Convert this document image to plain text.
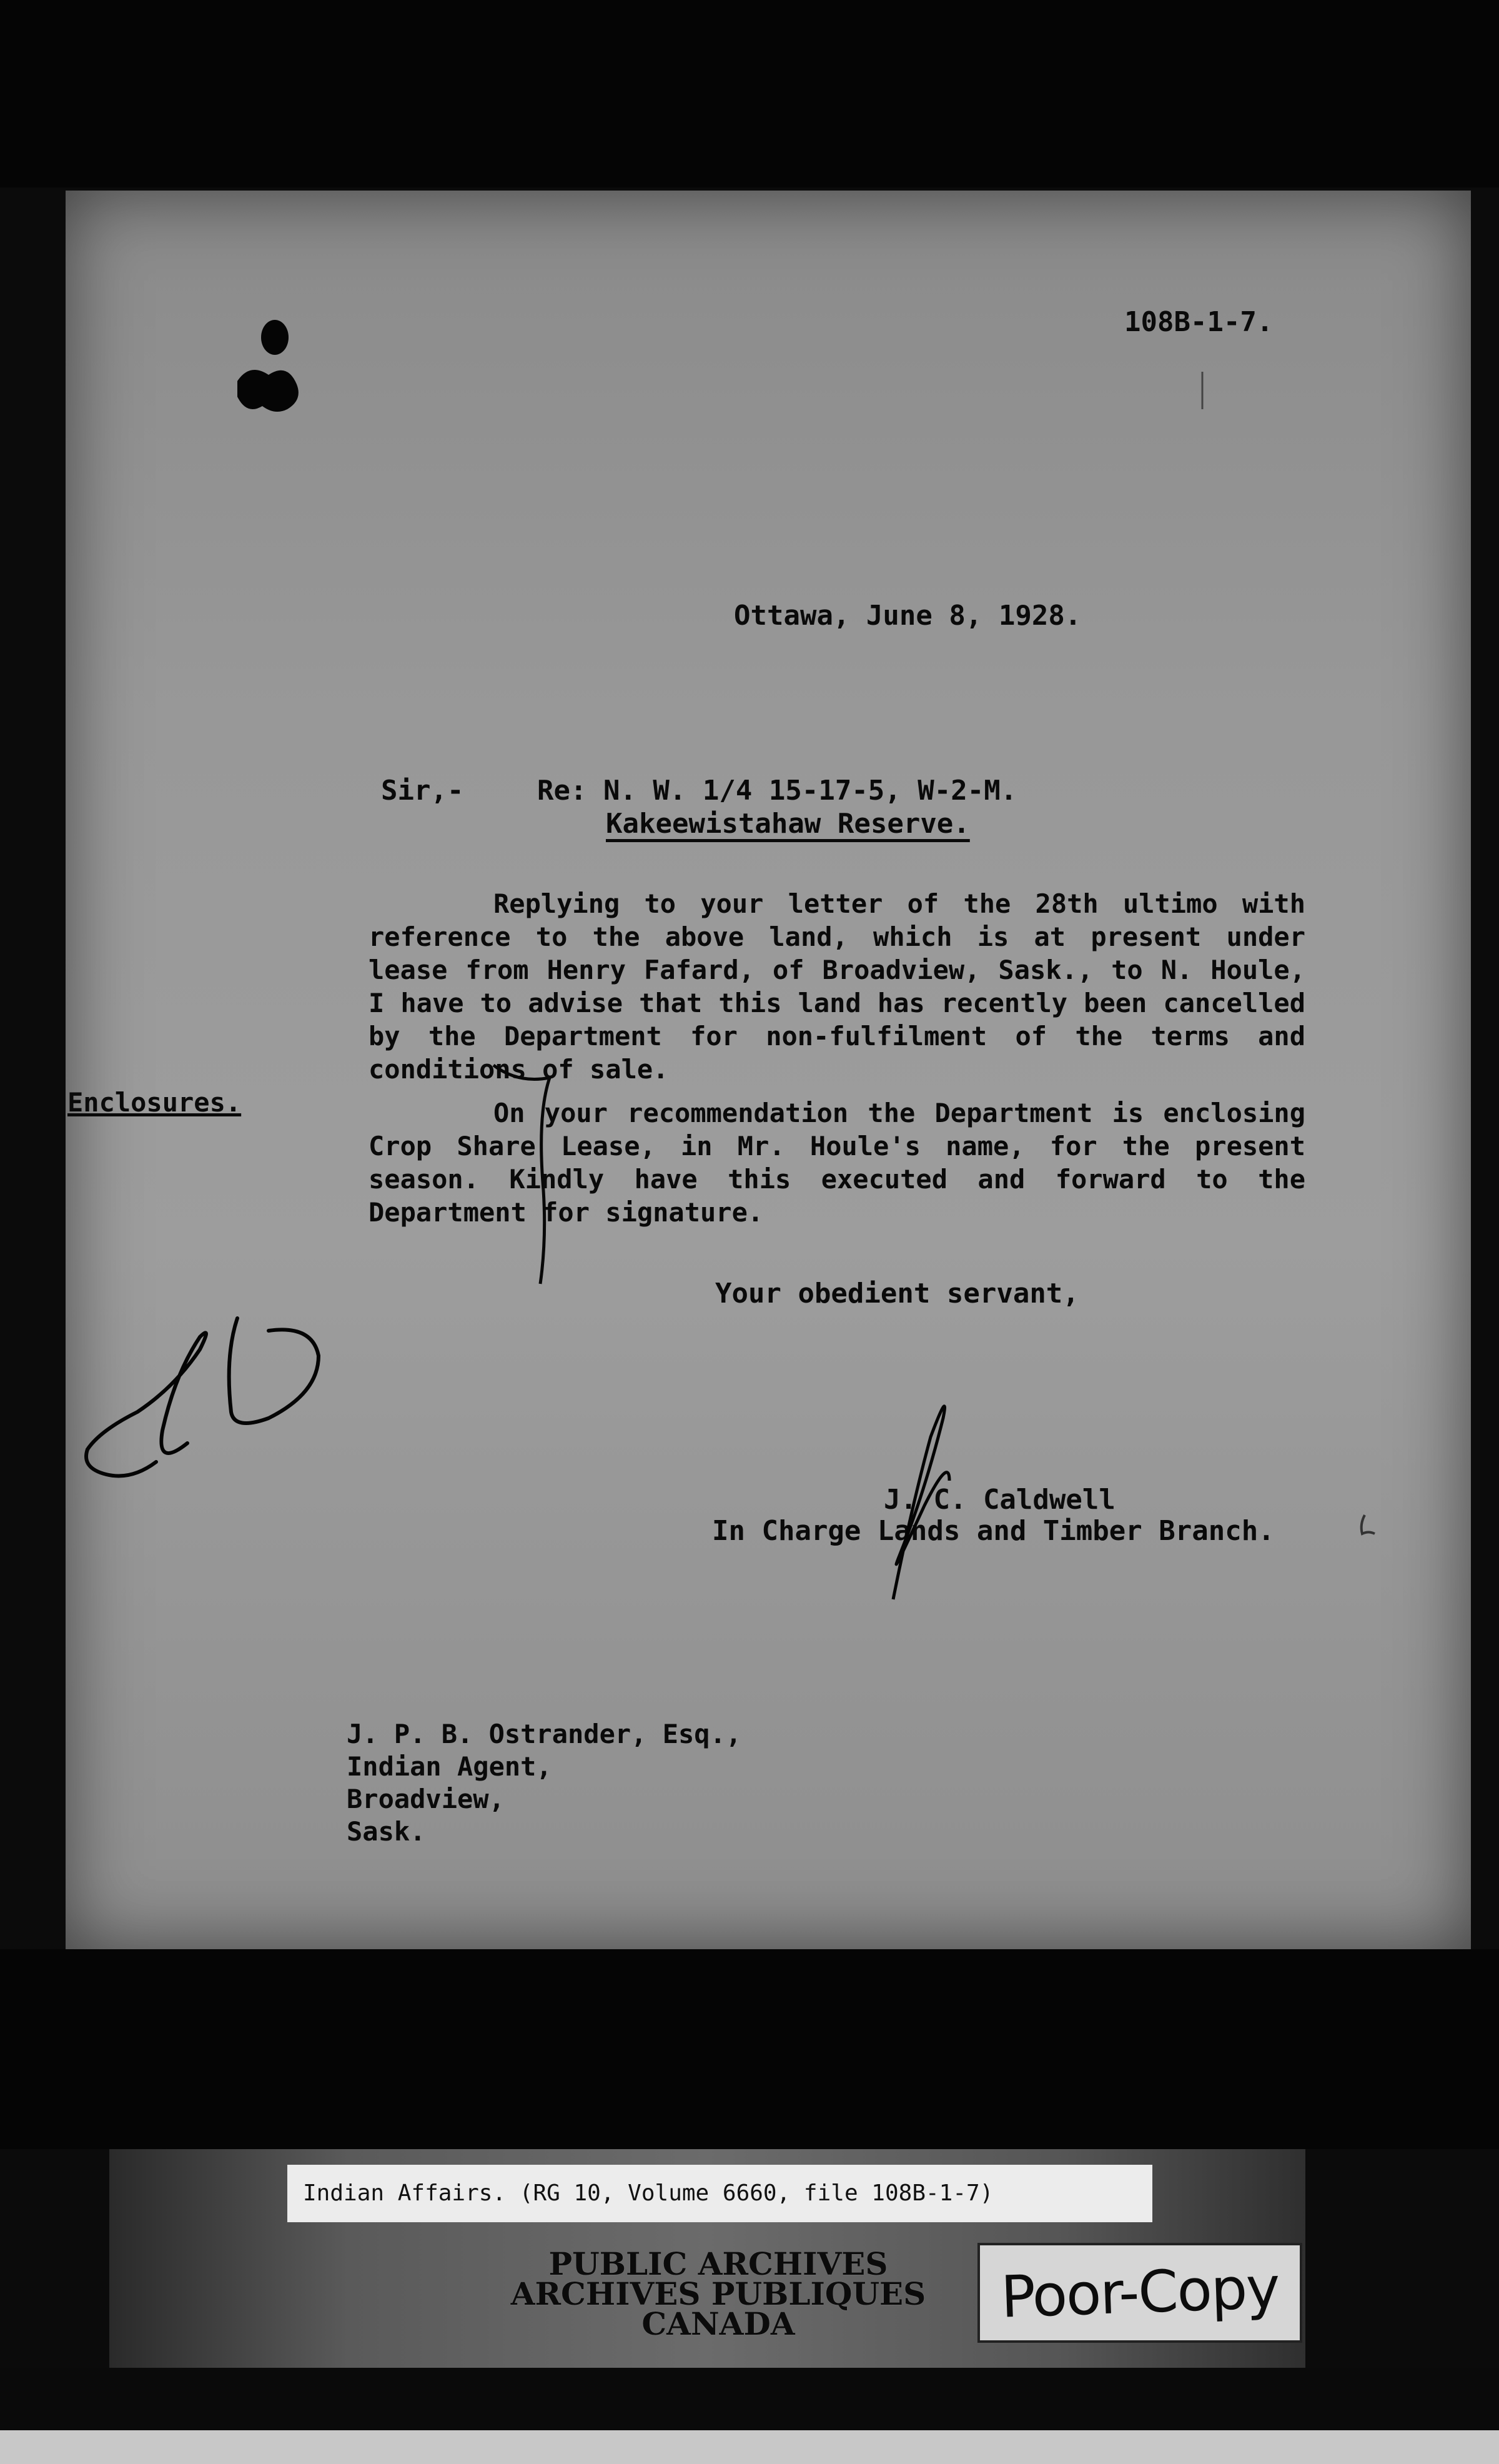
108B-1-7.
Ottawa, June 8, 1928.
Sir,-	Re: N. W. 1/4 15-17-5, W-2-M.
Kakeewistahaw Reserve.
Replying to your letter of the 28th ultimo with reference to the above land, which is at present under lease from Henry Fafard, of Broadview, Sask., to N. Houle, I have to advise that this land has recently been cancelled by the Department for non-fulfilment of the terms and conditions of sale.
Enclosures.	On your recommendation the Department is enclosing Crop Share Lease, in Mr. Houle's name, for the present season. Kindly have this executed and forward to the Department for signature.
Your obedient servant,
J. C. Caldwell
In Charge Lands and Timber Branch.
J. P. B. Ostrander, Esq.,
Indian Agent,
Broadview,
Sask.
Indian Affairs. (RG 10, Volume 6660, file 108B-1-7)
PUBLIC ARCHIVES
ARCHIVES PUBLIQUES
CANADA	Poor-Copy
